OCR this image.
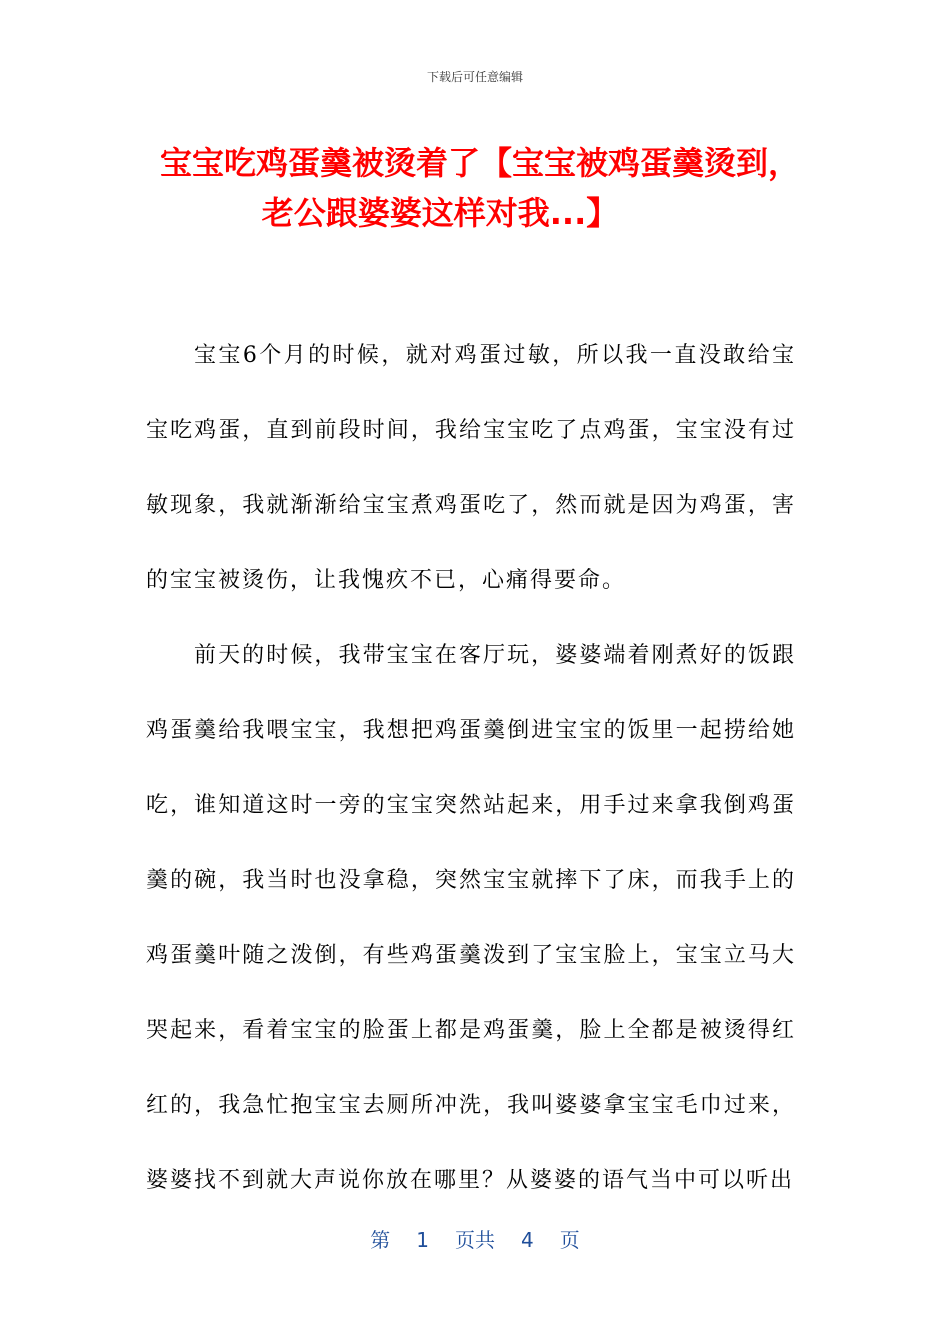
下载后可任意编辑
宝宝吃鸡蛋羹被烫着了【宝宝被鸡蛋羹烫到，
老公跟婆婆这样对我...】

宝宝6个月的时候，就对鸡蛋过敏，所以我一直没敢给宝宝吃鸡蛋，直到前段时间，我给宝宝吃了点鸡蛋，宝宝没有过敏现象，我就渐渐给宝宝煮鸡蛋吃了，然而就是因为鸡蛋，害的宝宝被烫伤，让我愧疚不已，心痛得要命。

前天的时候，我带宝宝在客厅玩，婆婆端着刚煮好的饭跟鸡蛋羹给我喂宝宝，我想把鸡蛋羹倒进宝宝的饭里一起捞给她吃，谁知道这时一旁的宝宝突然站起来，用手过来拿我倒鸡蛋羹的碗，我当时也没拿稳，突然宝宝就摔下了床，而我手上的鸡蛋羹叶随之泼倒，有些鸡蛋羹泼到了宝宝脸上，宝宝立马大哭起来，看着宝宝的脸蛋上都是鸡蛋羹，脸上全都是被烫得红红的，我急忙抱宝宝去厕所冲洗，我叫婆婆拿宝宝毛巾过来，婆婆找不到就大声说你放在哪里？从婆婆的语气当中可以听出

第 1 页共 4 页
